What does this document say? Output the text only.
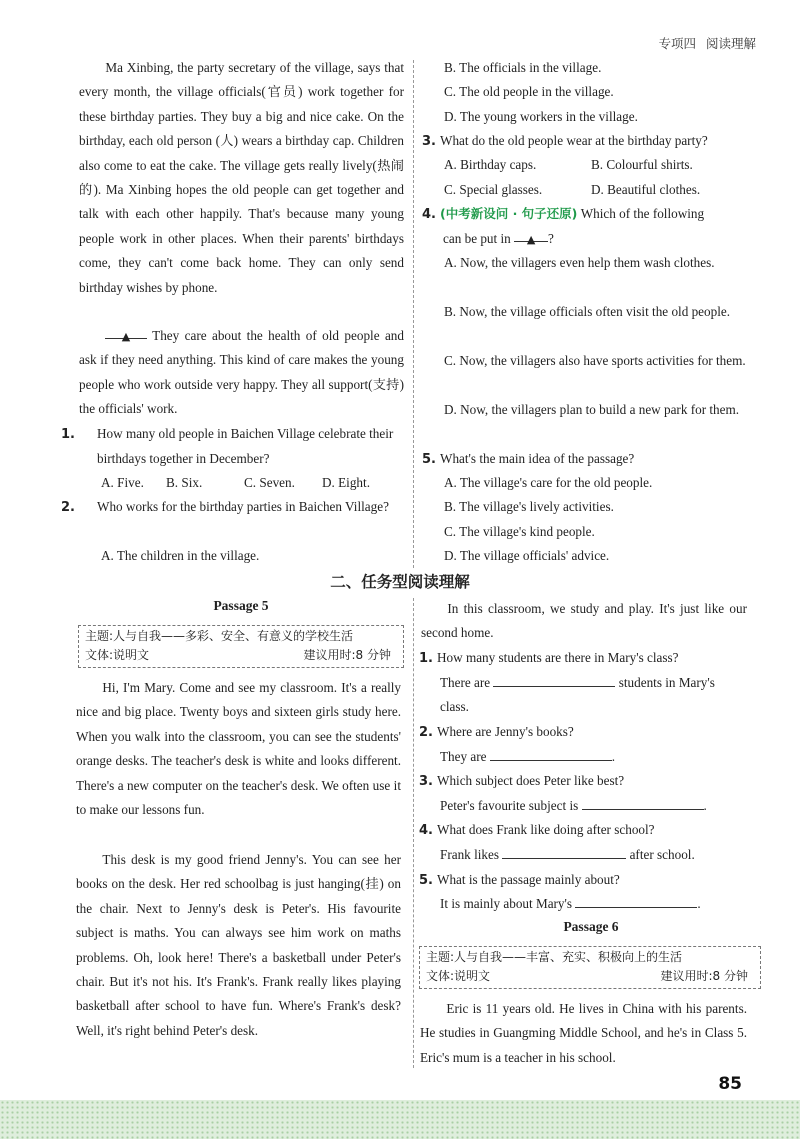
专项四 阅读理解
Ma Xinbing, the party secretary of the village, says that every month, the village officials(官员) work together for these birthday parties. They buy a big and nice cake. On the birthday, each old person (人) wears a birthday cap. Children also come to eat the cake. The village gets really lively(热闹的). Ma Xinbing hopes the old people can get together and talk with each other happily. That's because many young people work in other places. When their parents' birthdays come, they can't come back home. They can only send birthday wishes by phone.
▲ They care about the health of old people and ask if they need anything. This kind of care makes the young people who work outside very happy. They all support(支持) the officials' work.
1. How many old people in Baichen Village celebrate their birthdays together in December?
A. Five. B. Six.	C. Seven. D. Eight.
2. Who works for the birthday parties in Baichen Village?
A. The children in the village.
B. The officials in the village.
C. The old people in the village.
D. The young workers in the village.
3. What do the old people wear at the birthday party?
A. Birthday caps.	B. Colourful shirts.
C. Special glasses.	D. Beautiful clothes.
4. (中考新设问 · 句子还原) Which of the following
can be put in ▲ ?
A. Now, the villagers even help them wash clothes.
B. Now, the village officials often visit the old people.
C. Now, the villagers also have sports activities for them.
D. Now, the villagers plan to build a new park for them.
5. What's the main idea of the passage?
A. The village's care for the old people.
B. The village's lively activities.
C. The village's kind people.
D. The village officials' advice.
二、任务型阅读理解
Passage 5
主题:人与自我——多彩、安全、有意义的学校生活
文体:说明文	建议用时:8 分钟
Hi, I'm Mary. Come and see my classroom. It's a really nice and big place. Twenty boys and sixteen girls study here. When you walk into the classroom, you can see the students' orange desks. The teacher's desk is white and looks different. There's a new computer on the teacher's desk. We often use it to make our lessons fun.
This desk is my good friend Jenny's. You can see her books on the desk. Her red schoolbag is just hanging(挂) on the chair. Next to Jenny's desk is Peter's. His favourite subject is maths. You can always see him work on maths problems. Oh, look here! There's a basketball under Peter's chair. But it's not his. It's Frank's. Frank really likes playing basketball after school to have fun. Where's Frank's desk? Well, it's right behind Peter's desk.
In this classroom, we study and play. It's just like our second home.
1. How many students are there in Mary's class?
There are	students in Mary's class.
2. Where are Jenny's books?
They are	.
3. Which subject does Peter like best?
Peter's favourite subject is	.
4. What does Frank like doing after school?
Frank likes	after school.
5. What is the passage mainly about?
It is mainly about Mary's	.
Passage 6
主题:人与自我——丰富、充实、积极向上的生活
文体:说明文	建议用时:8 分钟
Eric is 11 years old. He lives in China with his parents. He studies in Guangming Middle School, and he's in Class 5. Eric's mum is a teacher in his school.
85
